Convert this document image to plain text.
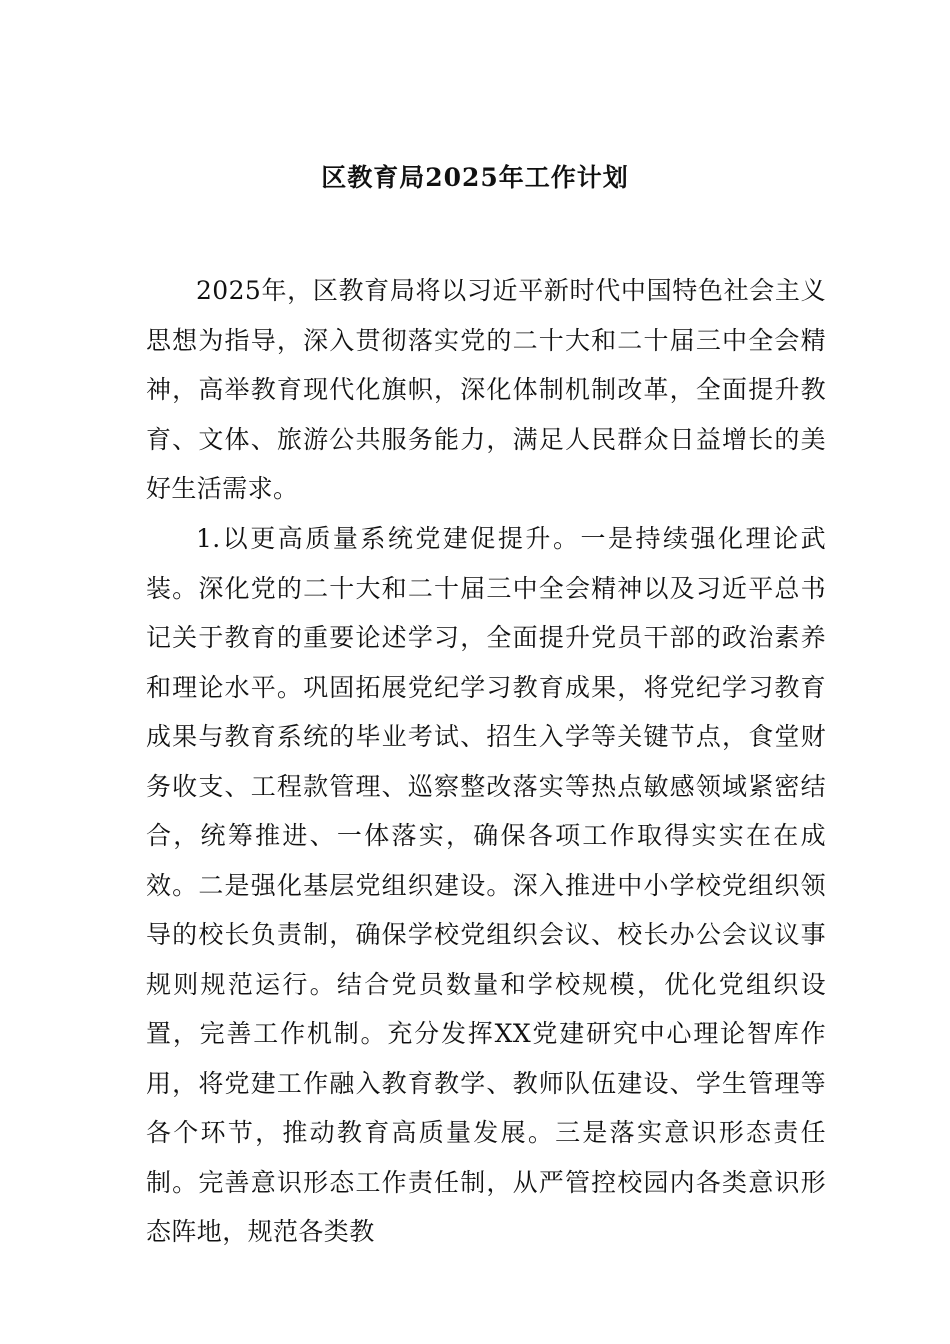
区教育局2025年工作计划

2025年，区教育局将以习近平新时代中国特色社会主义思想为指导，深入贯彻落实党的二十大和二十届三中全会精神，高举教育现代化旗帜，深化体制机制改革，全面提升教育、文体、旅游公共服务能力，满足人民群众日益增长的美好生活需求。

1.以更高质量系统党建促提升。一是持续强化理论武装。深化党的二十大和二十届三中全会精神以及习近平总书记关于教育的重要论述学习，全面提升党员干部的政治素养和理论水平。巩固拓展党纪学习教育成果，将党纪学习教育成果与教育系统的毕业考试、招生入学等关键节点，食堂财务收支、工程款管理、巡察整改落实等热点敏感领域紧密结合，统筹推进、一体落实，确保各项工作取得实实在在成效。二是强化基层党组织建设。深入推进中小学校党组织领导的校长负责制，确保学校党组织会议、校长办公会议议事规则规范运行。结合党员数量和学校规模，优化党组织设置，完善工作机制。充分发挥XX党建研究中心理论智库作用，将党建工作融入教育教学、教师队伍建设、学生管理等各个环节，推动教育高质量发展。三是落实意识形态责任制。完善意识形态工作责任制，从严管控校园内各类意识形态阵地，规范各类教
